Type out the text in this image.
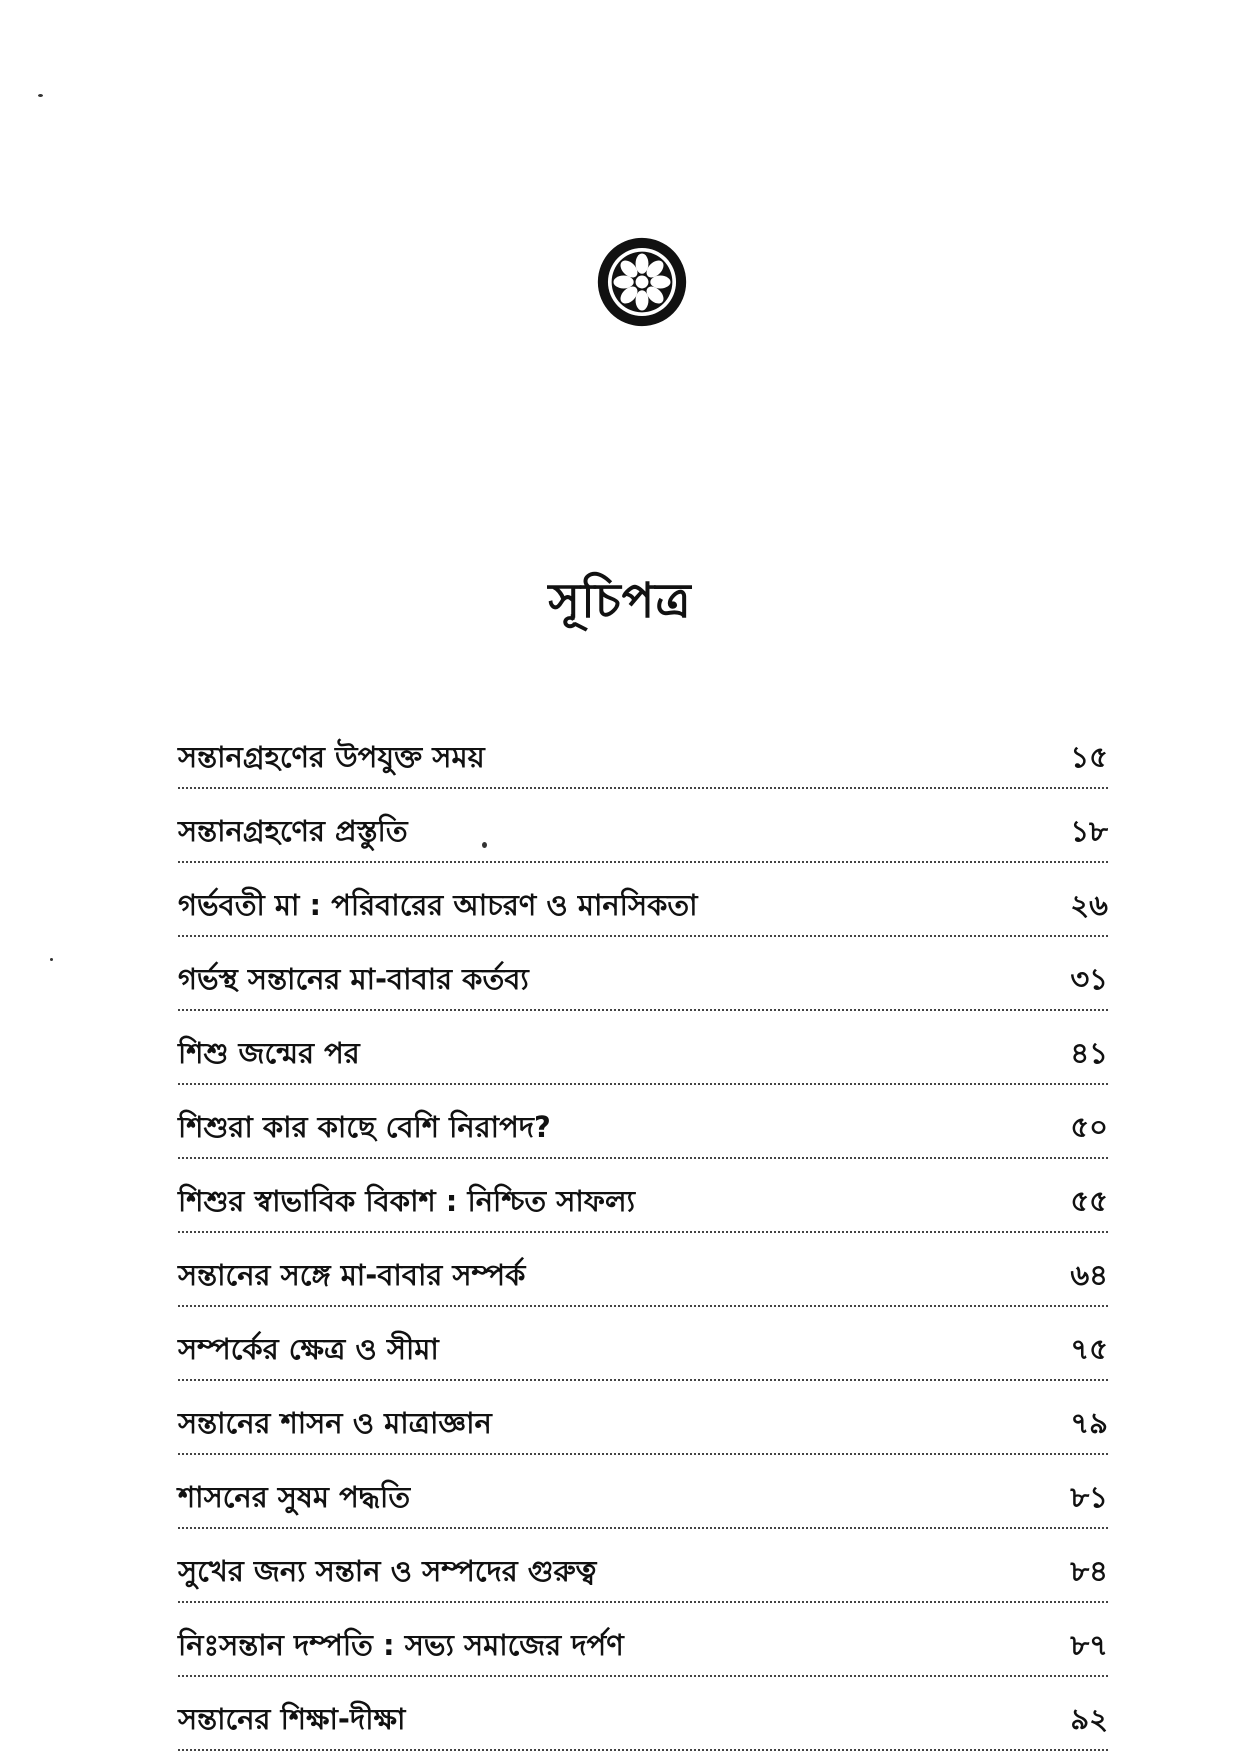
সূচিপত্র
সন্তানগ্রহণের উপযুক্ত সময়	১৫
সন্তানগ্রহণের প্রস্তুতি	১৮
গর্ভবতী মা : পরিবারের আচরণ ও মানসিকতা	২৬
গর্ভস্থ সন্তানের মা-বাবার কর্তব্য	৩১
শিশু জন্মের পর	৪১
শিশুরা কার কাছে বেশি নিরাপদ?	৫০
শিশুর স্বাভাবিক বিকাশ : নিশ্চিত সাফল্য	৫৫
সন্তানের সঙ্গে মা-বাবার সম্পর্ক	৬৪
সম্পর্কের ক্ষেত্র ও সীমা	৭৫
সন্তানের শাসন ও মাত্রাজ্ঞান	৭৯
শাসনের সুষম পদ্ধতি	৮১
সুখের জন্য সন্তান ও সম্পদের গুরুত্ব	৮৪
নিঃসন্তান দম্পতি : সভ্য সমাজের দর্পণ	৮৭
সন্তানের শিক্ষা-দীক্ষা	৯২
